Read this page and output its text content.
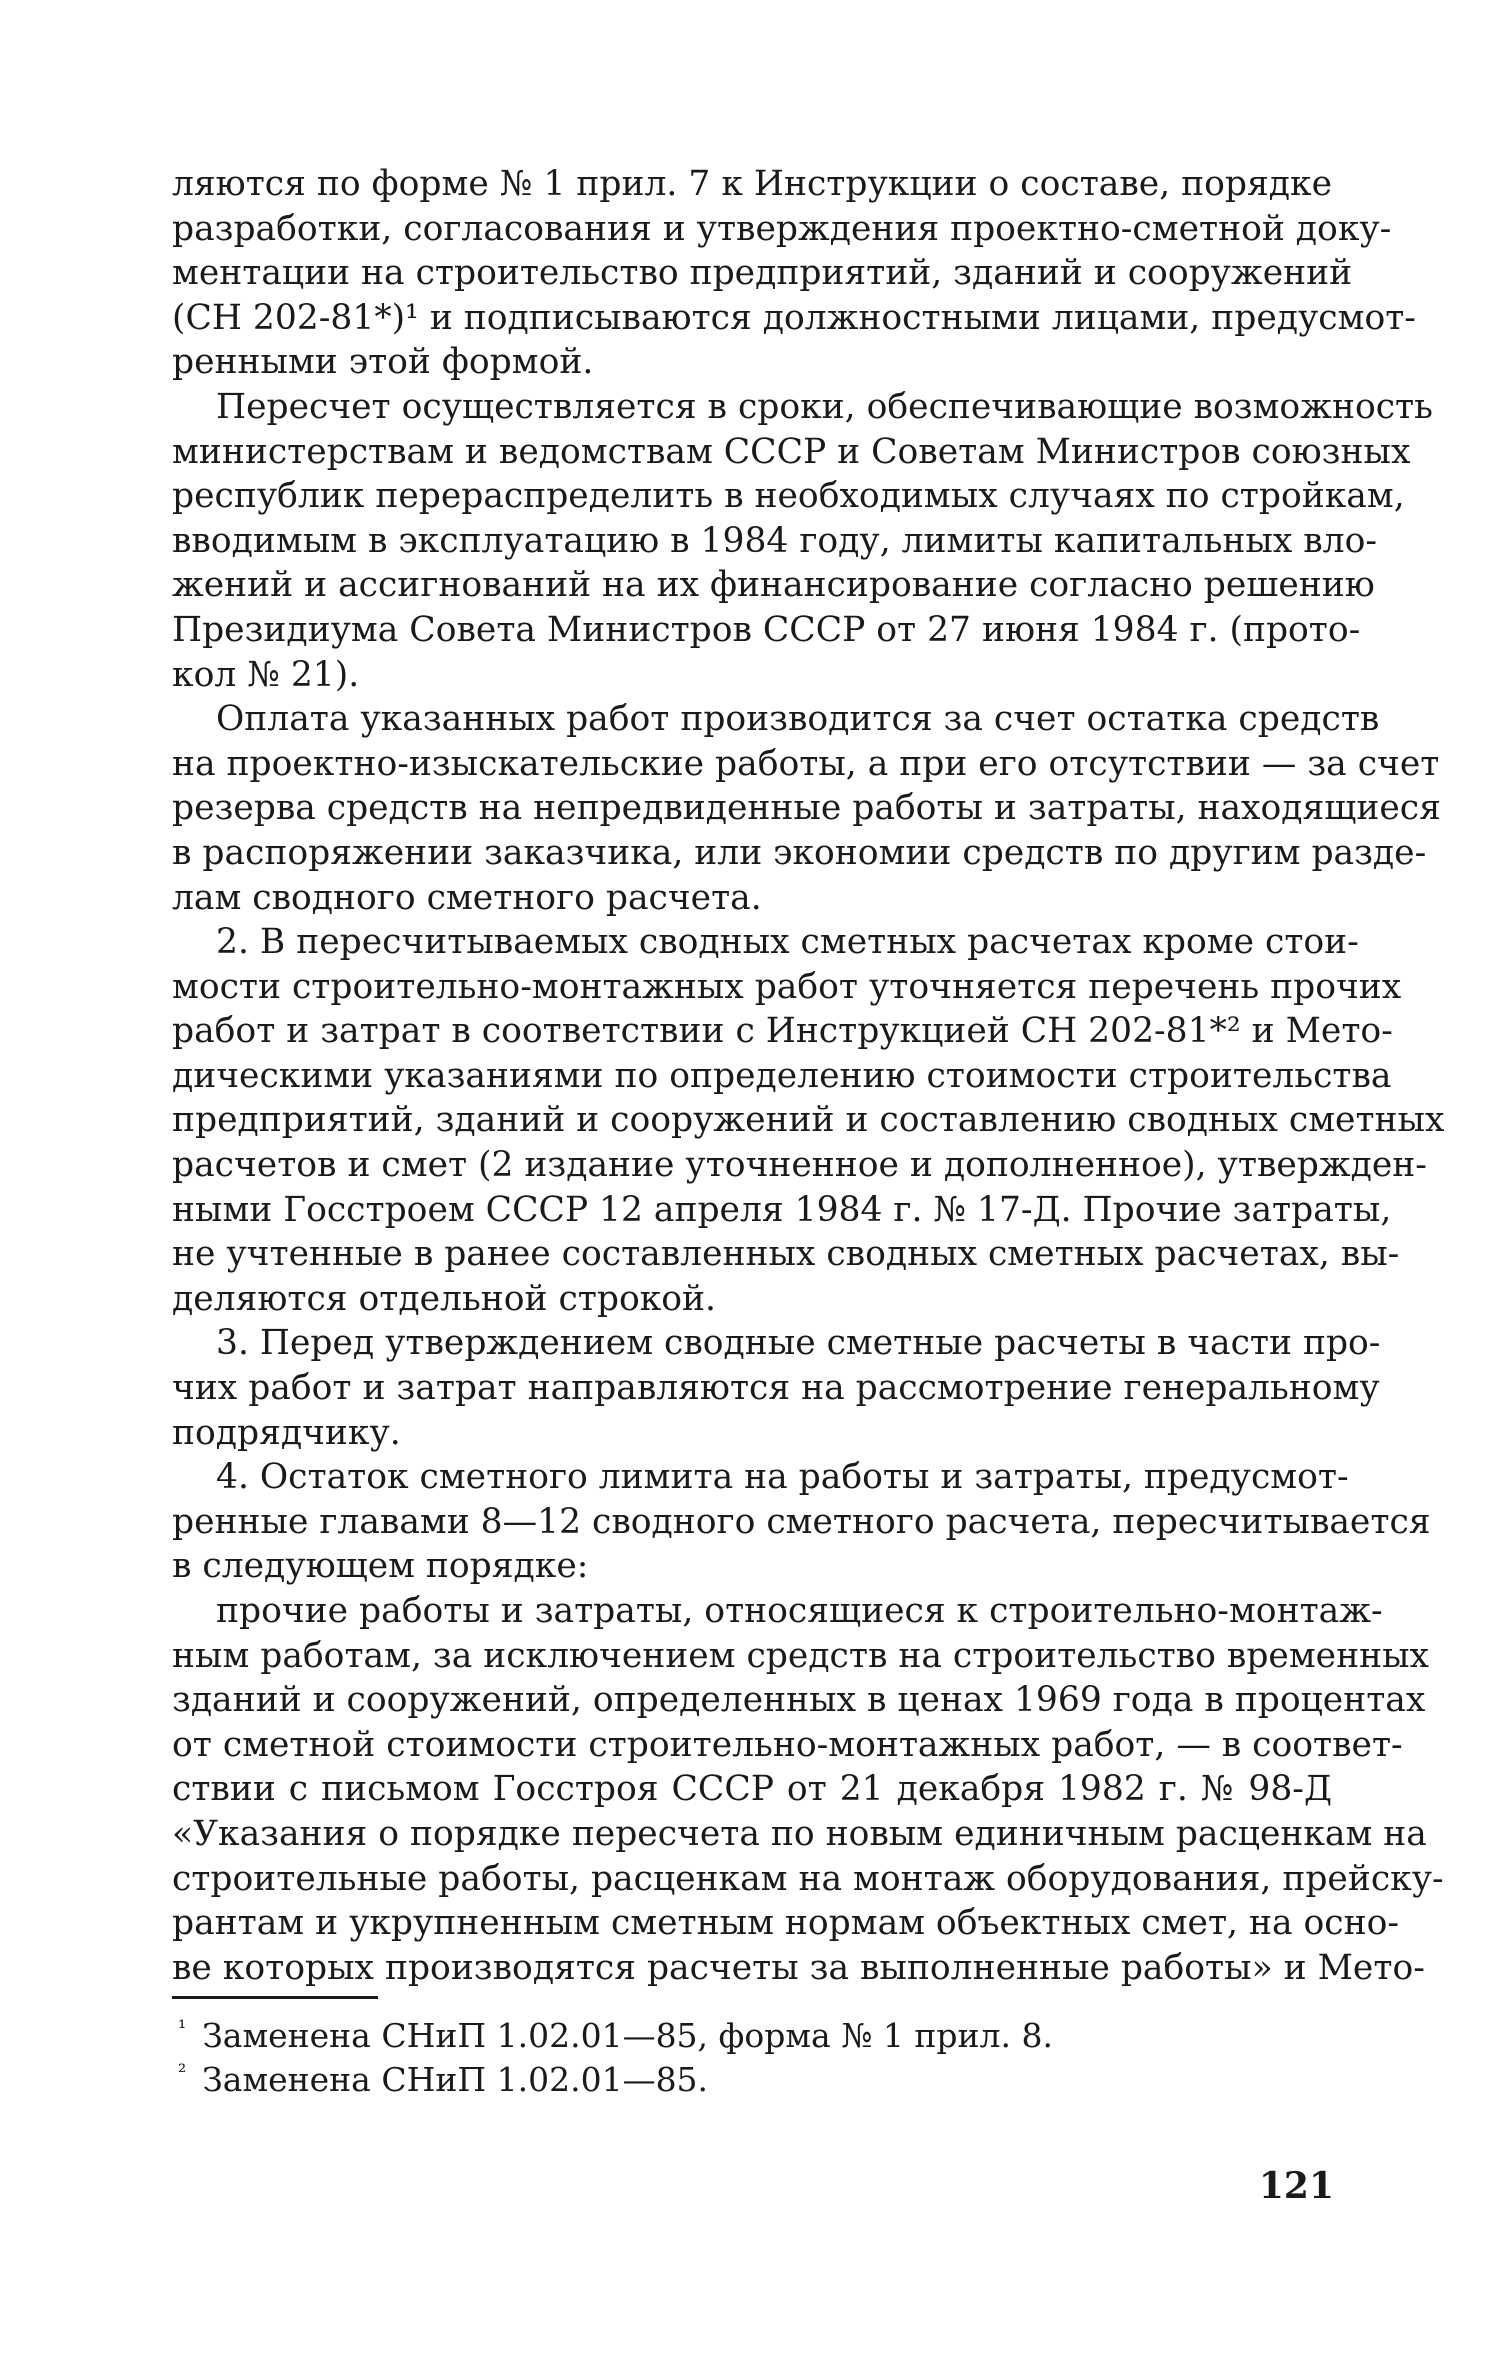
ляются по форме № 1 прил. 7 к Инструкции о составе, порядке
разработки, согласования и утверждения проектно-сметной доку-
ментации на строительство предприятий, зданий и сооружений
(СН 202-81*)¹ и подписываются должностными лицами, предусмот-
ренными этой формой.

Пересчет осуществляется в сроки, обеспечивающие возможность
министерствам и ведомствам СССР и Советам Министров союзных
республик перераспределить в необходимых случаях по стройкам,
вводимым в эксплуатацию в 1984 году, лимиты капитальных вло-
жений и ассигнований на их финансирование согласно решению
Президиума Совета Министров СССР от 27 июня 1984 г. (прото-
кол № 21).

Оплата указанных работ производится за счет остатка средств
на проектно-изыскательские работы, а при его отсутствии — за счет
резерва средств на непредвиденные работы и затраты, находящиеся
в распоряжении заказчика, или экономии средств по другим разде-
лам сводного сметного расчета.

2. В пересчитываемых сводных сметных расчетах кроме стои-
мости строительно-монтажных работ уточняется перечень прочих
работ и затрат в соответствии с Инструкцией СН 202-81*² и Мето-
дическими указаниями по определению стоимости строительства
предприятий, зданий и сооружений и составлению сводных сметных
расчетов и смет (2 издание уточненное и дополненное), утвержден-
ными Госстроем СССР 12 апреля 1984 г. № 17-Д. Прочие затраты,
не учтенные в ранее составленных сводных сметных расчетах, вы-
деляются отдельной строкой.

3. Перед утверждением сводные сметные расчеты в части про-
чих работ и затрат направляются на рассмотрение генеральному
подрядчику.

4. Остаток сметного лимита на работы и затраты, предусмот-
ренные главами 8—12 сводного сметного расчета, пересчитывается
в следующем порядке:

прочие работы и затраты, относящиеся к строительно-монтаж-
ным работам, за исключением средств на строительство временных
зданий и сооружений, определенных в ценах 1969 года в процентах
от сметной стоимости строительно-монтажных работ, — в соответ-
ствии с письмом Госстроя СССР от 21 декабря 1982 г. № 98-Д
«Указания о порядке пересчета по новым единичным расценкам на
строительные работы, расценкам на монтаж оборудования, прейску-
рантам и укрупненным сметным нормам объектных смет, на осно-
ве которых производятся расчеты за выполненные работы» и Мето-

$^{^1}$ Заменена СНиП 1.02.01—85, форма № 1 прил. 8.

$^{^2}$ Заменена СНиП 1.02.01—85.

121
